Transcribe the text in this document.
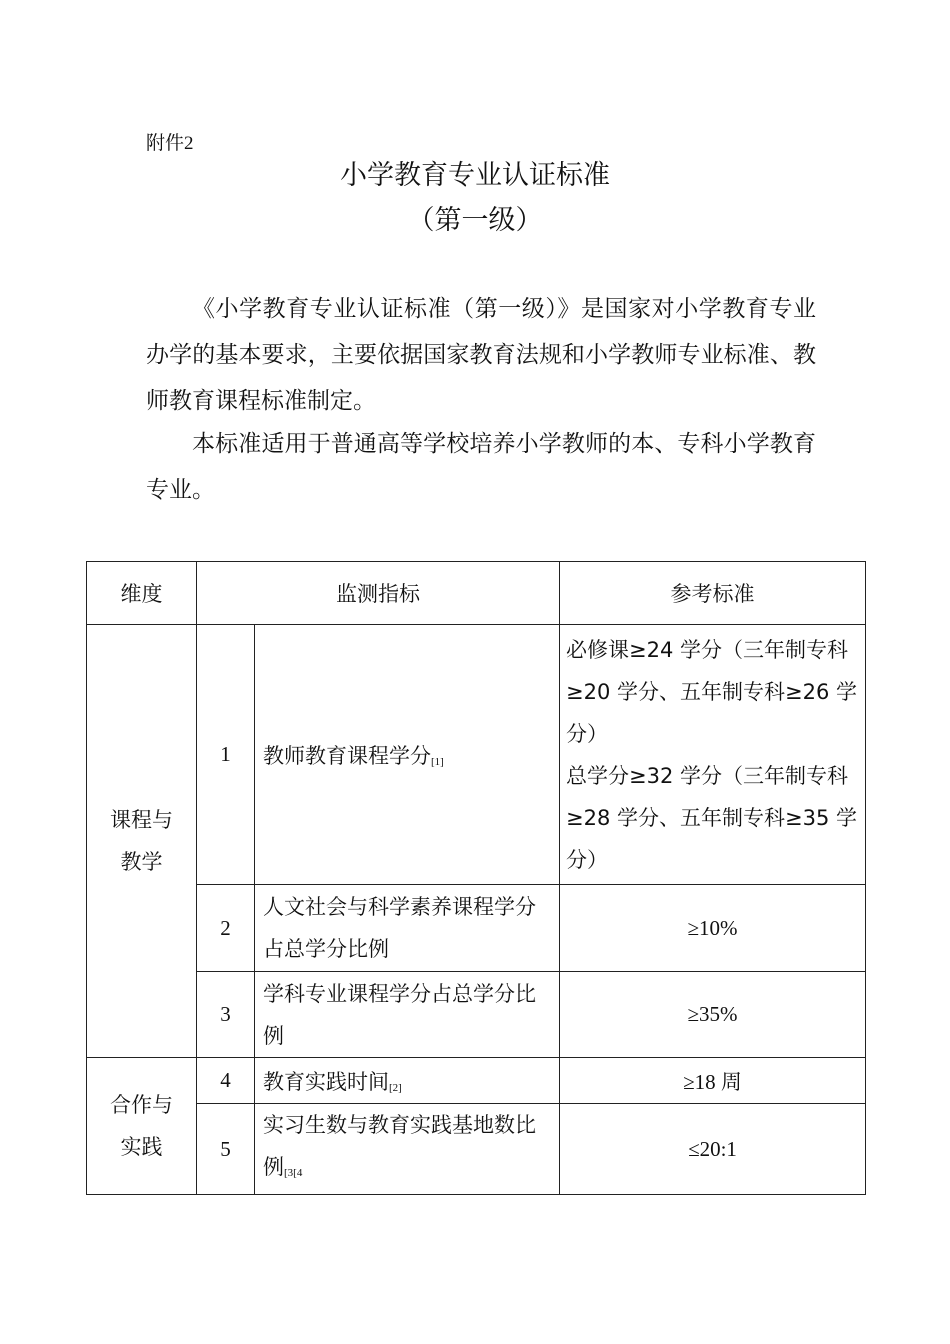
附件2
小学教育专业认证标准
（第一级）
《小学教育专业认证标准（第一级）》是国家对小学教育专业办学的基本要求，主要依据国家教育法规和小学教师专业标准、教师教育课程标准制定。
本标准适用于普通高等学校培养小学教师的本、专科小学教育专业。
维度	监测指标		参考标准

课程与
教学	1	教师教育课程学分[1]	必修课≥24 学分（三年制专科≥20 学分、五年制专科≥26 学分）
总学分≥32 学分（三年制专科≥28 学分、五年制专科≥35 学分）

	2	人文社会与科学素养课程学分占总学分比例	≥10%
	3	学科专业课程学分占总学分比例	≥35%

合作与
实践	4	教育实践时间[2]	≥18 周
	5	实习生数与教育实践基地数比例$^{[3[4}$	≤20:1
